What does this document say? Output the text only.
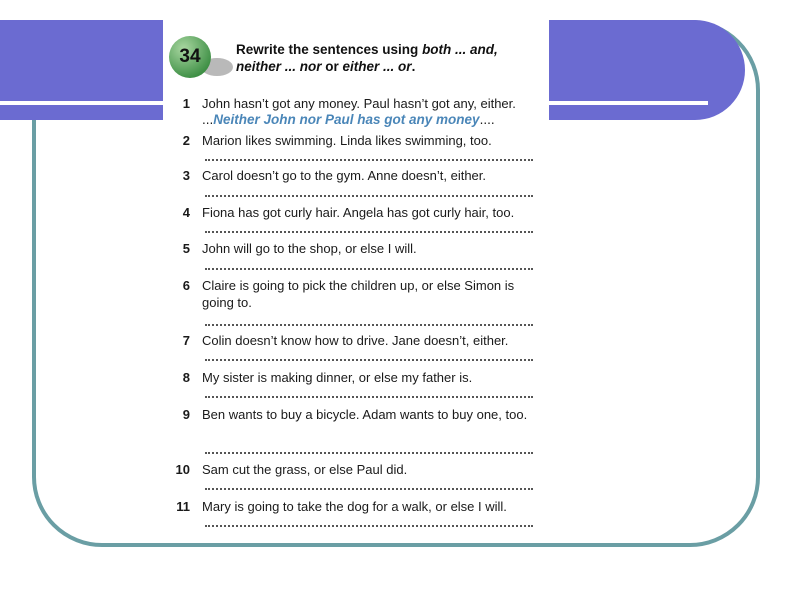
34	Rewrite the sentences using both ... and,
neither ... nor or either ... or.
1 John hasn’t got any money. Paul hasn’t got any, either.
...Neither John nor Paul has got any money....
2 Marion likes swimming. Linda likes swimming, too.
3 Carol doesn’t go to the gym. Anne doesn’t, either.
4 Fiona has got curly hair. Angela has got curly hair, too.
5 John will go to the shop, or else I will.
6 Claire is going to pick the children up, or else Simon is going to.
7 Colin doesn’t know how to drive. Jane doesn’t, either.
8 My sister is making dinner, or else my father is.
9 Ben wants to buy a bicycle. Adam wants to buy one, too.
10 Sam cut the grass, or else Paul did.
11 Mary is going to take the dog for a walk, or else I will.
